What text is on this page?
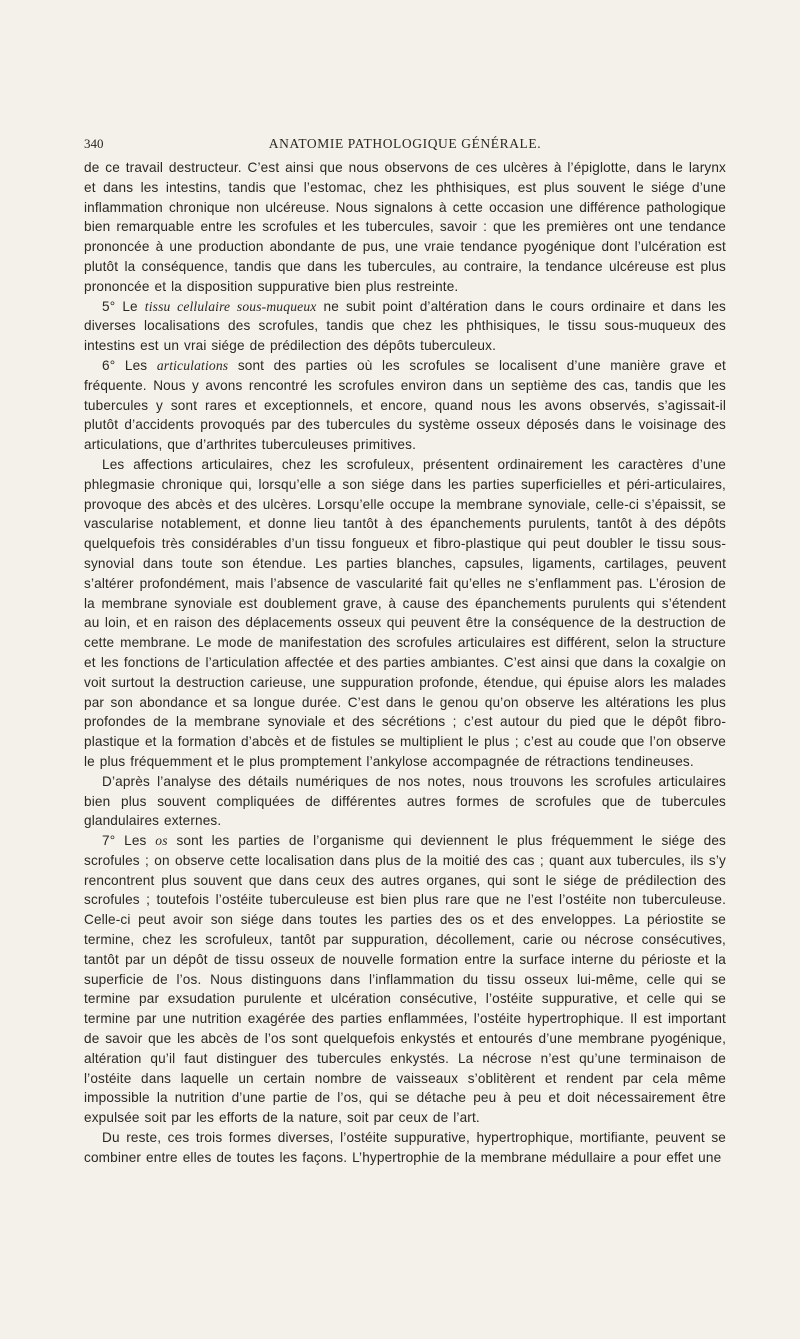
340	ANATOMIE PATHOLOGIQUE GÉNÉRALE.

de ce travail destructeur. C’est ainsi que nous observons de ces ulcères à l’épiglotte, dans le larynx et dans les intestins, tandis que l’estomac, chez les phthisiques, est plus souvent le siége d’une inflammation chronique non ulcéreuse. Nous signalons à cette occasion une différence pathologique bien remarquable entre les scrofules et les tubercules, savoir : que les premières ont une tendance prononcée à une production abondante de pus, une vraie tendance pyogénique dont l’ulcération est plutôt la conséquence, tandis que dans les tubercules, au contraire, la tendance ulcéreuse est plus prononcée et la disposition suppurative bien plus restreinte.

5° Le tissu cellulaire sous-muqueux ne subit point d’altération dans le cours ordinaire et dans les diverses localisations des scrofules, tandis que chez les phthisiques, le tissu sous-muqueux des intestins est un vrai siége de prédilection des dépôts tuberculeux.

6° Les articulations sont des parties où les scrofules se localisent d’une manière grave et fréquente. Nous y avons rencontré les scrofules environ dans un septième des cas, tandis que les tubercules y sont rares et exceptionnels, et encore, quand nous les avons observés, s’agissait-il plutôt d’accidents provoqués par des tubercules du système osseux déposés dans le voisinage des articulations, que d’arthrites tuberculeuses primitives.

Les affections articulaires, chez les scrofuleux, présentent ordinairement les caractères d’une phlegmasie chronique qui, lorsqu’elle a son siége dans les parties superficielles et péri-articulaires, provoque des abcès et des ulcères. Lorsqu’elle occupe la membrane synoviale, celle-ci s’épaissit, se vascularise notablement, et donne lieu tantôt à des épanchements purulents, tantôt à des dépôts quelquefois très considérables d’un tissu fongueux et fibro-plastique qui peut doubler le tissu sous-synovial dans toute son étendue. Les parties blanches, capsules, ligaments, cartilages, peuvent s’altérer profondément, mais l’absence de vascularité fait qu’elles ne s’enflamment pas. L’érosion de la membrane synoviale est doublement grave, à cause des épanchements purulents qui s’étendent au loin, et en raison des déplacements osseux qui peuvent être la conséquence de la destruction de cette membrane. Le mode de manifestation des scrofules articulaires est différent, selon la structure et les fonctions de l’articulation affectée et des parties ambiantes. C’est ainsi que dans la coxalgie on voit surtout la destruction carieuse, une suppuration profonde, étendue, qui épuise alors les malades par son abondance et sa longue durée. C’est dans le genou qu’on observe les altérations les plus profondes de la membrane synoviale et des sécrétions ; c’est autour du pied que le dépôt fibro-plastique et la formation d’abcès et de fistules se multiplient le plus ; c’est au coude que l’on observe le plus fréquemment et le plus promptement l’ankylose accompagnée de rétractions tendineuses.

D’après l’analyse des détails numériques de nos notes, nous trouvons les scrofules articulaires bien plus souvent compliquées de différentes autres formes de scrofules que de tubercules glandulaires externes.

7° Les os sont les parties de l’organisme qui deviennent le plus fréquemment le siége des scrofules ; on observe cette localisation dans plus de la moitié des cas ; quant aux tubercules, ils s’y rencontrent plus souvent que dans ceux des autres organes, qui sont le siége de prédilection des scrofules ; toutefois l’ostéite tuberculeuse est bien plus rare que ne l’est l’ostéite non tuberculeuse. Celle-ci peut avoir son siége dans toutes les parties des os et des enveloppes. La périostite se termine, chez les scrofuleux, tantôt par suppuration, décollement, carie ou nécrose consécutives, tantôt par un dépôt de tissu osseux de nouvelle formation entre la surface interne du périoste et la superficie de l’os. Nous distinguons dans l’inflammation du tissu osseux lui-même, celle qui se termine par exsudation purulente et ulcération consécutive, l’ostéite suppurative, et celle qui se termine par une nutrition exagérée des parties enflammées, l’ostéite hypertrophique. Il est important de savoir que les abcès de l’os sont quelquefois enkystés et entourés d’une membrane pyogénique, altération qu’il faut distinguer des tubercules enkystés. La nécrose n’est qu’une terminaison de l’ostéite dans laquelle un certain nombre de vaisseaux s’oblitèrent et rendent par cela même impossible la nutrition d’une partie de l’os, qui se détache peu à peu et doit nécessairement être expulsée soit par les efforts de la nature, soit par ceux de l’art.

Du reste, ces trois formes diverses, l’ostéite suppurative, hypertrophique, mortifiante, peuvent se combiner entre elles de toutes les façons. L’hypertrophie de la membrane médullaire a pour effet une
